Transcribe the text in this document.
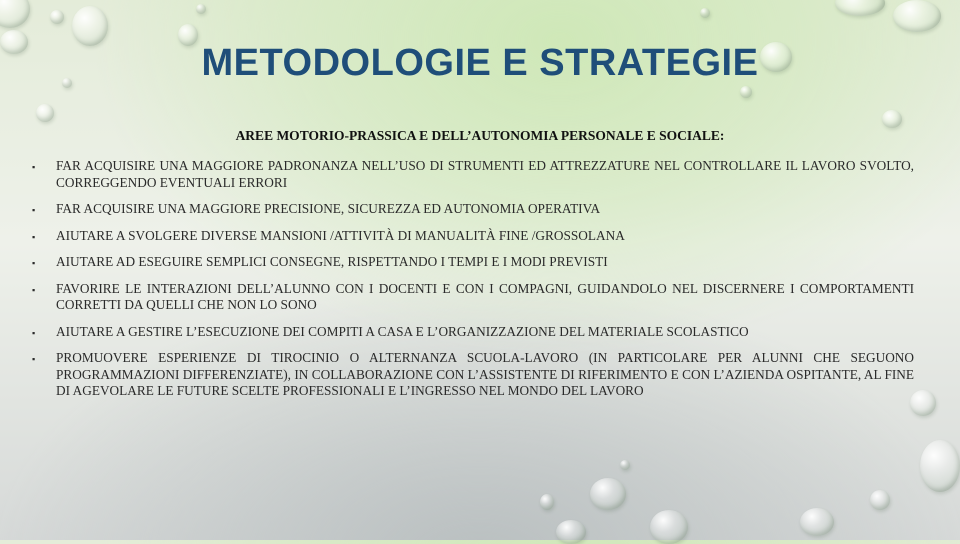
METODOLOGIE E STRATEGIE
AREE MOTORIO-PRASSICA E DELL’AUTONOMIA PERSONALE E SOCIALE:
▪ FAR ACQUISIRE UNA MAGGIORE PADRONANZA NELL’USO DI STRUMENTI ED ATTREZZATURE NEL CONTROLLARE IL LAVORO SVOLTO, CORREGGENDO EVENTUALI ERRORI
▪ FAR ACQUISIRE UNA MAGGIORE PRECISIONE, SICUREZZA ED AUTONOMIA OPERATIVA
▪ AIUTARE A SVOLGERE DIVERSE MANSIONI /ATTIVITÀ DI MANUALITÀ FINE /GROSSOLANA
▪ AIUTARE AD ESEGUIRE SEMPLICI CONSEGNE, RISPETTANDO I TEMPI E I MODI PREVISTI
▪ FAVORIRE LE INTERAZIONI DELL’ALUNNO CON I DOCENTI E CON I COMPAGNI, GUIDANDOLO NEL DISCERNERE I COMPORTAMENTI CORRETTI DA QUELLI CHE NON LO SONO
▪ AIUTARE A GESTIRE L’ESECUZIONE DEI COMPITI A CASA E L’ORGANIZZAZIONE DEL MATERIALE SCOLASTICO
▪ PROMUOVERE ESPERIENZE DI TIROCINIO O ALTERNANZA SCUOLA-LAVORO (IN PARTICOLARE PER ALUNNI CHE SEGUONO PROGRAMMAZIONI DIFFERENZIATE), IN COLLABORAZIONE CON L’ASSISTENTE DI RIFERIMENTO E CON L’AZIENDA OSPITANTE, AL FINE DI AGEVOLARE LE FUTURE SCELTE PROFESSIONALI E L’INGRESSO NEL MONDO DEL LAVORO
